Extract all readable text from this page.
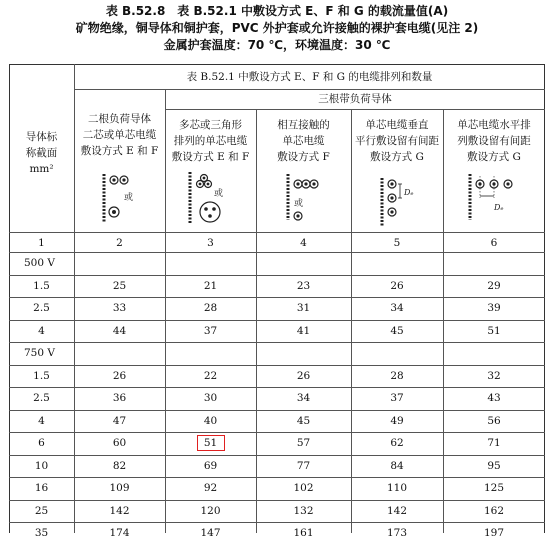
表 B.52.8　表 B.52.1 中敷设方式 E、F 和 G 的载流量值(A)
矿物绝缘，铜导体和铜护套，PVC 外护套或允许接触的裸护套电缆(见注 2)
金属护套温度：70 ℃，环境温度：30 ℃
导体标
称截面
mm²
表 B.52.1 中敷设方式 E、F 和 G 的电缆排列和数量
三根带负荷导体
二根负荷导体
二芯或单芯电缆
敷设方式 E 和 F
多芯或三角形
排列的单芯电缆
敷设方式 E 和 F
相互接触的
单芯电缆
敷设方式 F
单芯电缆垂直
平行敷设留有间距
敷设方式 G
单芯电缆水平排
列敷设留有间距
敷设方式 G
或	或
或
Dₑ
Dₑ
1	2	3	4	5	6
500 V
1.5	25	21	23	26	29
2.5	33	28	31	34	39
4	44	37	41	45	51
750 V
1.5	26	22	26	28	32
2.5	36	30	34	37	43
4	47	40	45	49	56
6	60	51	57	62	71
10	82	69	77	84	95
16	109	92	102	110	125
25	142	120	132	142	162
35	174	147	161	173	197
